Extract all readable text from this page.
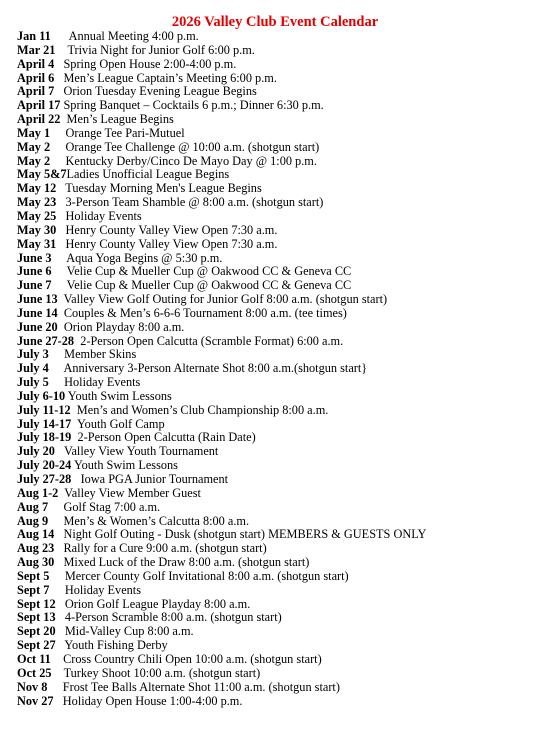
2026 Valley Club Event Calendar
Jan 11 Annual Meeting 4:00 p.m.
Mar 21 Trivia Night for Junior Golf 6:00 p.m.
April 4 Spring Open House 2:00-4:00 p.m.
April 6 Men’s League Captain’s Meeting 6:00 p.m.
April 7 Orion Tuesday Evening League Begins
April 17 Spring Banquet – Cocktails 6 p.m.; Dinner 6:30 p.m.
April 22 Men’s League Begins
May 1 Orange Tee Pari-Mutuel
May 2 Orange Tee Challenge @ 10:00 a.m. (shotgun start)
May 2 Kentucky Derby/Cinco De Mayo Day @ 1:00 p.m.
May 5&7Ladies Unofficial League Begins
May 12 Tuesday Morning Men's League Begins
May 23 3-Person Team Shamble @ 8:00 a.m. (shotgun start)
May 25 Holiday Events
May 30 Henry County Valley View Open 7:30 a.m.
May 31 Henry County Valley View Open 7:30 a.m.
June 3 Aqua Yoga Begins @ 5:30 p.m.
June 6 Velie Cup & Mueller Cup @ Oakwood CC & Geneva CC
June 7 Velie Cup & Mueller Cup @ Oakwood CC & Geneva CC
June 13 Valley View Golf Outing for Junior Golf 8:00 a.m. (shotgun start)
June 14 Couples & Men’s 6-6-6 Tournament 8:00 a.m. (tee times)
June 20 Orion Playday 8:00 a.m.
June 27-28 2-Person Open Calcutta (Scramble Format) 6:00 a.m.
July 3 Member Skins
July 4 Anniversary 3-Person Alternate Shot 8:00 a.m.(shotgun start}
July 5 Holiday Events
July 6-10 Youth Swim Lessons
July 11-12 Men’s and Women’s Club Championship 8:00 a.m.
July 14-17 Youth Golf Camp
July 18-19 2-Person Open Calcutta (Rain Date)
July 20 Valley View Youth Tournament
July 20-24 Youth Swim Lessons
July 27-28 Iowa PGA Junior Tournament
Aug 1-2 Valley View Member Guest
Aug 7 Golf Stag 7:00 a.m.
Aug 9 Men’s & Women’s Calcutta 8:00 a.m.
Aug 14 Night Golf Outing - Dusk (shotgun start) MEMBERS & GUESTS ONLY
Aug 23 Rally for a Cure 9:00 a.m. (shotgun start)
Aug 30 Mixed Luck of the Draw 8:00 a.m. (shotgun start)
Sept 5 Mercer County Golf Invitational 8:00 a.m. (shotgun start)
Sept 7 Holiday Events
Sept 12 Orion Golf League Playday 8:00 a.m.
Sept 13 4-Person Scramble 8:00 a.m. (shotgun start)
Sept 20 Mid-Valley Cup 8:00 a.m.
Sept 27 Youth Fishing Derby
Oct 11 Cross Country Chili Open 10:00 a.m. (shotgun start)
Oct 25 Turkey Shoot 10:00 a.m. (shotgun start)
Nov 8 Frost Tee Balls Alternate Shot 11:00 a.m. (shotgun start)
Nov 27 Holiday Open House 1:00-4:00 p.m.
